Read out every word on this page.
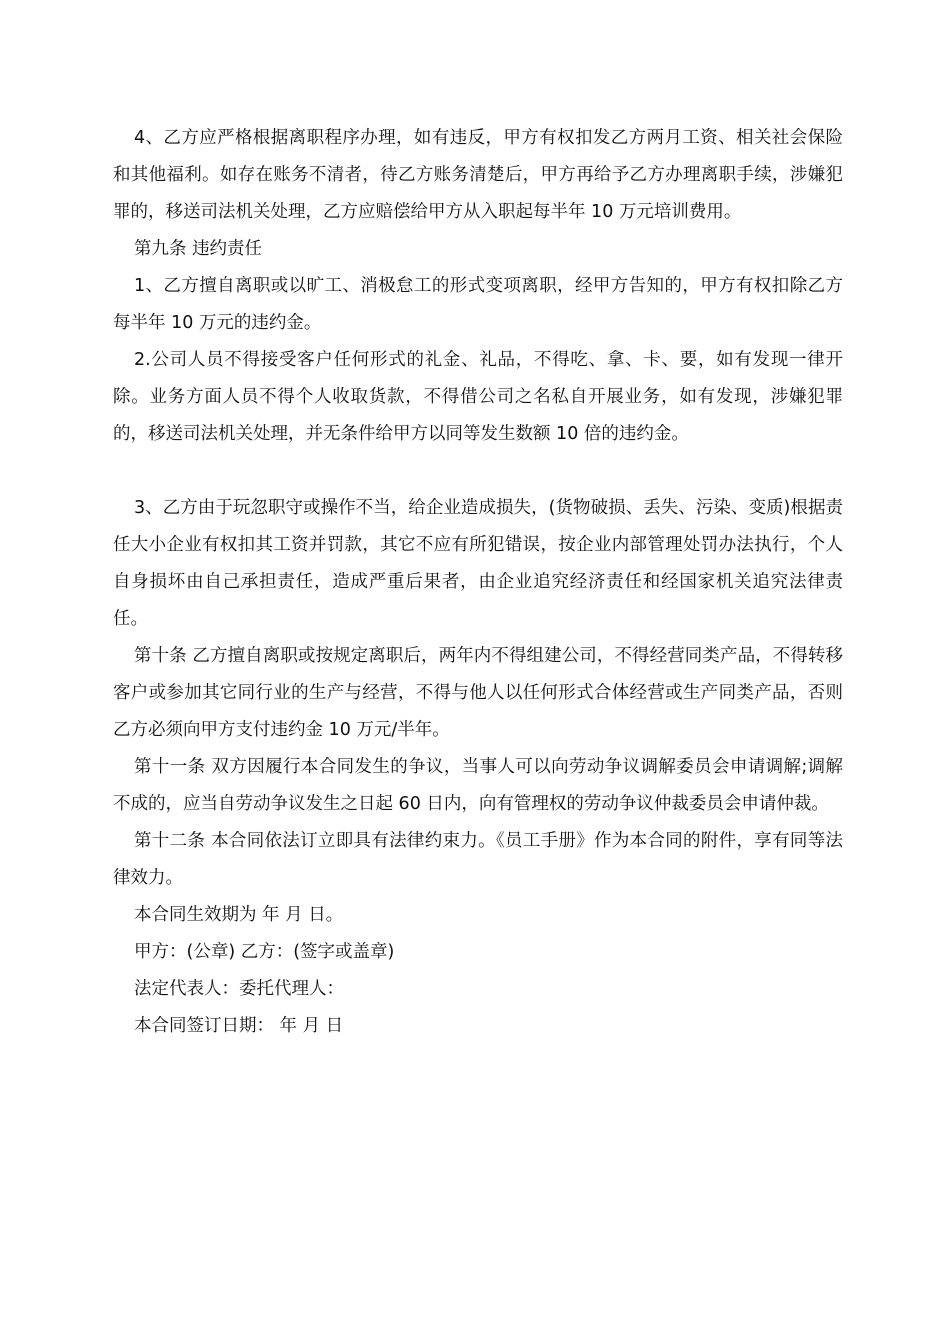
4、乙方应严格根据离职程序办理，如有违反，甲方有权扣发乙方两月工资、相关社会保险和其他福利。如存在账务不清者，待乙方账务清楚后，甲方再给予乙方办理离职手续，涉嫌犯罪的，移送司法机关处理，乙方应赔偿给甲方从入职起每半年 10 万元培训费用。

第九条 违约责任

1、乙方擅自离职或以旷工、消极怠工的形式变项离职，经甲方告知的，甲方有权扣除乙方每半年 10 万元的违约金。

2.公司人员不得接受客户任何形式的礼金、礼品，不得吃、拿、卡、要，如有发现一律开除。业务方面人员不得个人收取货款，不得借公司之名私自开展业务，如有发现，涉嫌犯罪的，移送司法机关处理，并无条件给甲方以同等发生数额 10 倍的违约金。

3、乙方由于玩忽职守或操作不当，给企业造成损失，(货物破损、丢失、污染、变质)根据责任大小企业有权扣其工资并罚款，其它不应有所犯错误，按企业内部管理处罚办法执行，个人自身损坏由自己承担责任，造成严重后果者，由企业追究经济责任和经国家机关追究法律责任。

第十条 乙方擅自离职或按规定离职后，两年内不得组建公司，不得经营同类产品，不得转移客户或参加其它同行业的生产与经营，不得与他人以任何形式合体经营或生产同类产品，否则乙方必须向甲方支付违约金 10 万元/半年。

第十一条 双方因履行本合同发生的争议，当事人可以向劳动争议调解委员会申请调解;调解不成的，应当自劳动争议发生之日起 60 日内，向有管理权的劳动争议仲裁委员会申请仲裁。

第十二条 本合同依法订立即具有法律约束力。《员工手册》作为本合同的附件，享有同等法律效力。

本合同生效期为 年 月 日。

甲方：(公章) 乙方：(签字或盖章)

法定代表人：委托代理人：

本合同签订日期： 年 月 日
